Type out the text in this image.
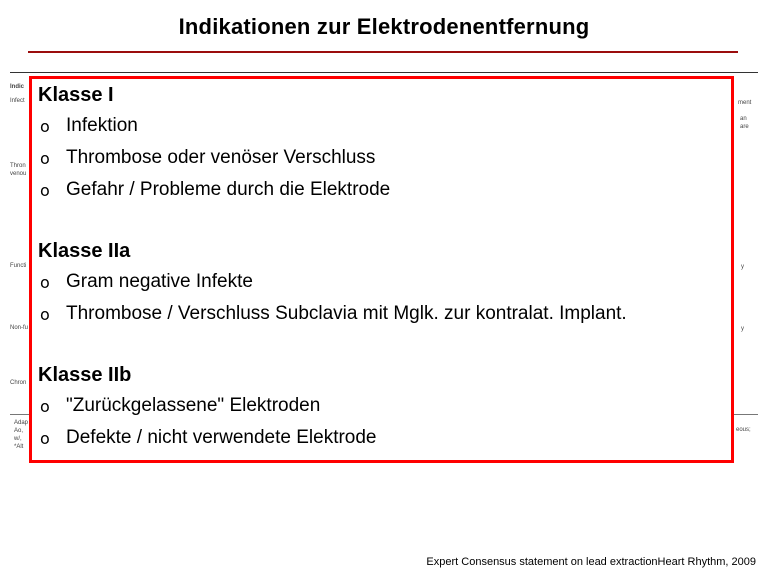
Indikationen zur Elektrodenentfernung
Indic
Infect
Thron
venou
Functi
Non-fu
Chron
Adap
Ao,
w/,
*Alt
ment
an
are
y
y
eous;
Klasse I
o Infektion
o Thrombose oder venöser Verschluss
o Gefahr / Probleme durch die Elektrode
Klasse IIa
o Gram negative Infekte
o Thrombose / Verschluss Subclavia mit Mglk. zur kontralat. Implant.
Klasse IIb
o "Zurückgelassene" Elektroden
o Defekte / nicht verwendete Elektrode
Expert Consensus statement on lead extractionHeart Rhythm, 2009
